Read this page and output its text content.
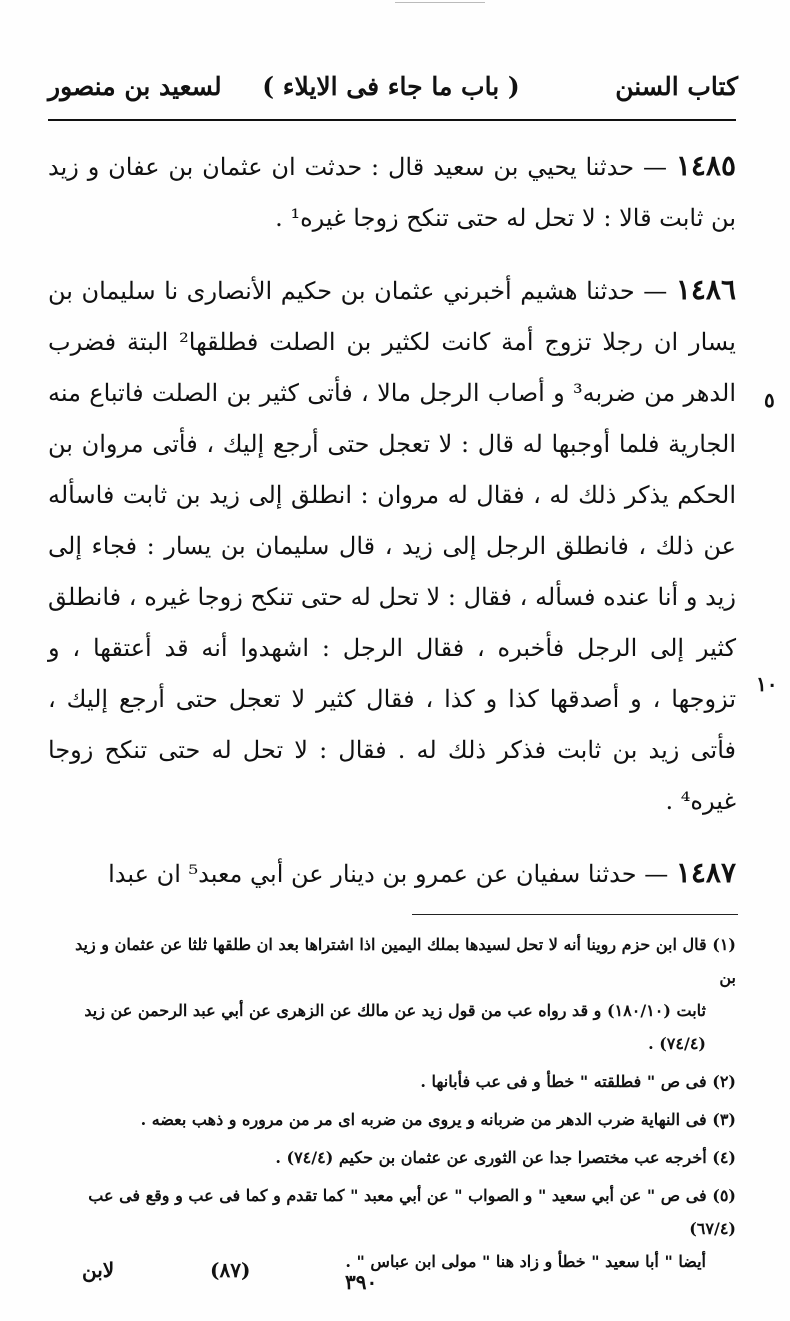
كتاب السنن
( باب ما جاء فى الايلاء )
لسعيد بن منصور

١٤٨٥ — حدثنا يحيي بن سعيد قال : حدثت ان عثمان بن عفان و زيد بن ثابت قالا : لا تحل له حتى تنكح زوجا غيره¹ .

١٤٨٦ — حدثنا هشيم أخبرني عثمان بن حكيم الأنصارى نا سليمان بن يسار ان رجلا تزوج أمة كانت لكثير بن الصلت فطلقها² البتة فضرب الدهر من ضربه³ و أصاب الرجل مالا ، فأتى كثير بن الصلت فاتباع منه الجارية فلما أوجبها له قال : لا تعجل حتى أرجع إليك ، فأتى مروان بن الحكم يذكر ذلك له ، فقال له مروان : انطلق إلى زيد بن ثابت فاسأله عن ذلك ، فانطلق الرجل إلى زيد ، قال سليمان بن يسار : فجاء إلى زيد و أنا عنده فسأله ، فقال : لا تحل له حتى تنكح زوجا غيره ، فانطلق كثير إلى الرجل فأخبره ، فقال الرجل : اشهدوا أنه قد أعتقها ، و تزوجها ، و أصدقها كذا و كذا ، فقال كثير لا تعجل حتى أرجع إليك ، فأتى زيد بن ثابت فذكر ذلك له . فقال : لا تحل له حتى تنكح زوجا غيره⁴ .

١٤٨٧ — حدثنا سفيان عن عمرو بن دينار عن أبي معبد⁵ ان عبدا

٥
١٠
(١) قال ابن حزم روينا أنه لا تحل لسيدها بملك اليمين اذا اشتراها بعد ان طلقها ثلثا عن عثمان و زيد بن
ثابت (١٨٠/١٠) و قد رواه عب من قول زيد عن مالك عن الزهرى عن أبي عبد الرحمن عن زيد (٧٤/٤) .
(٢) فى ص " فطلقته " خطأ و فى عب فأبانها .
(٣) فى النهاية ضرب الدهر من ضربانه و يروى من ضربه اى مر من مروره و ذهب بعضه .
(٤) أخرجه عب مختصرا جدا عن الثورى عن عثمان بن حكيم (٧٤/٤) .
(٥) فى ص " عن أبي سعيد " و الصواب " عن أبي معبد " كما تقدم و كما فى عب و وقع فى عب (٦٧/٤)
أيضا " أبا سعيد " خطأ و زاد هنا " مولى ابن عباس " .
لابن	(٨٧)	٣٩٠
